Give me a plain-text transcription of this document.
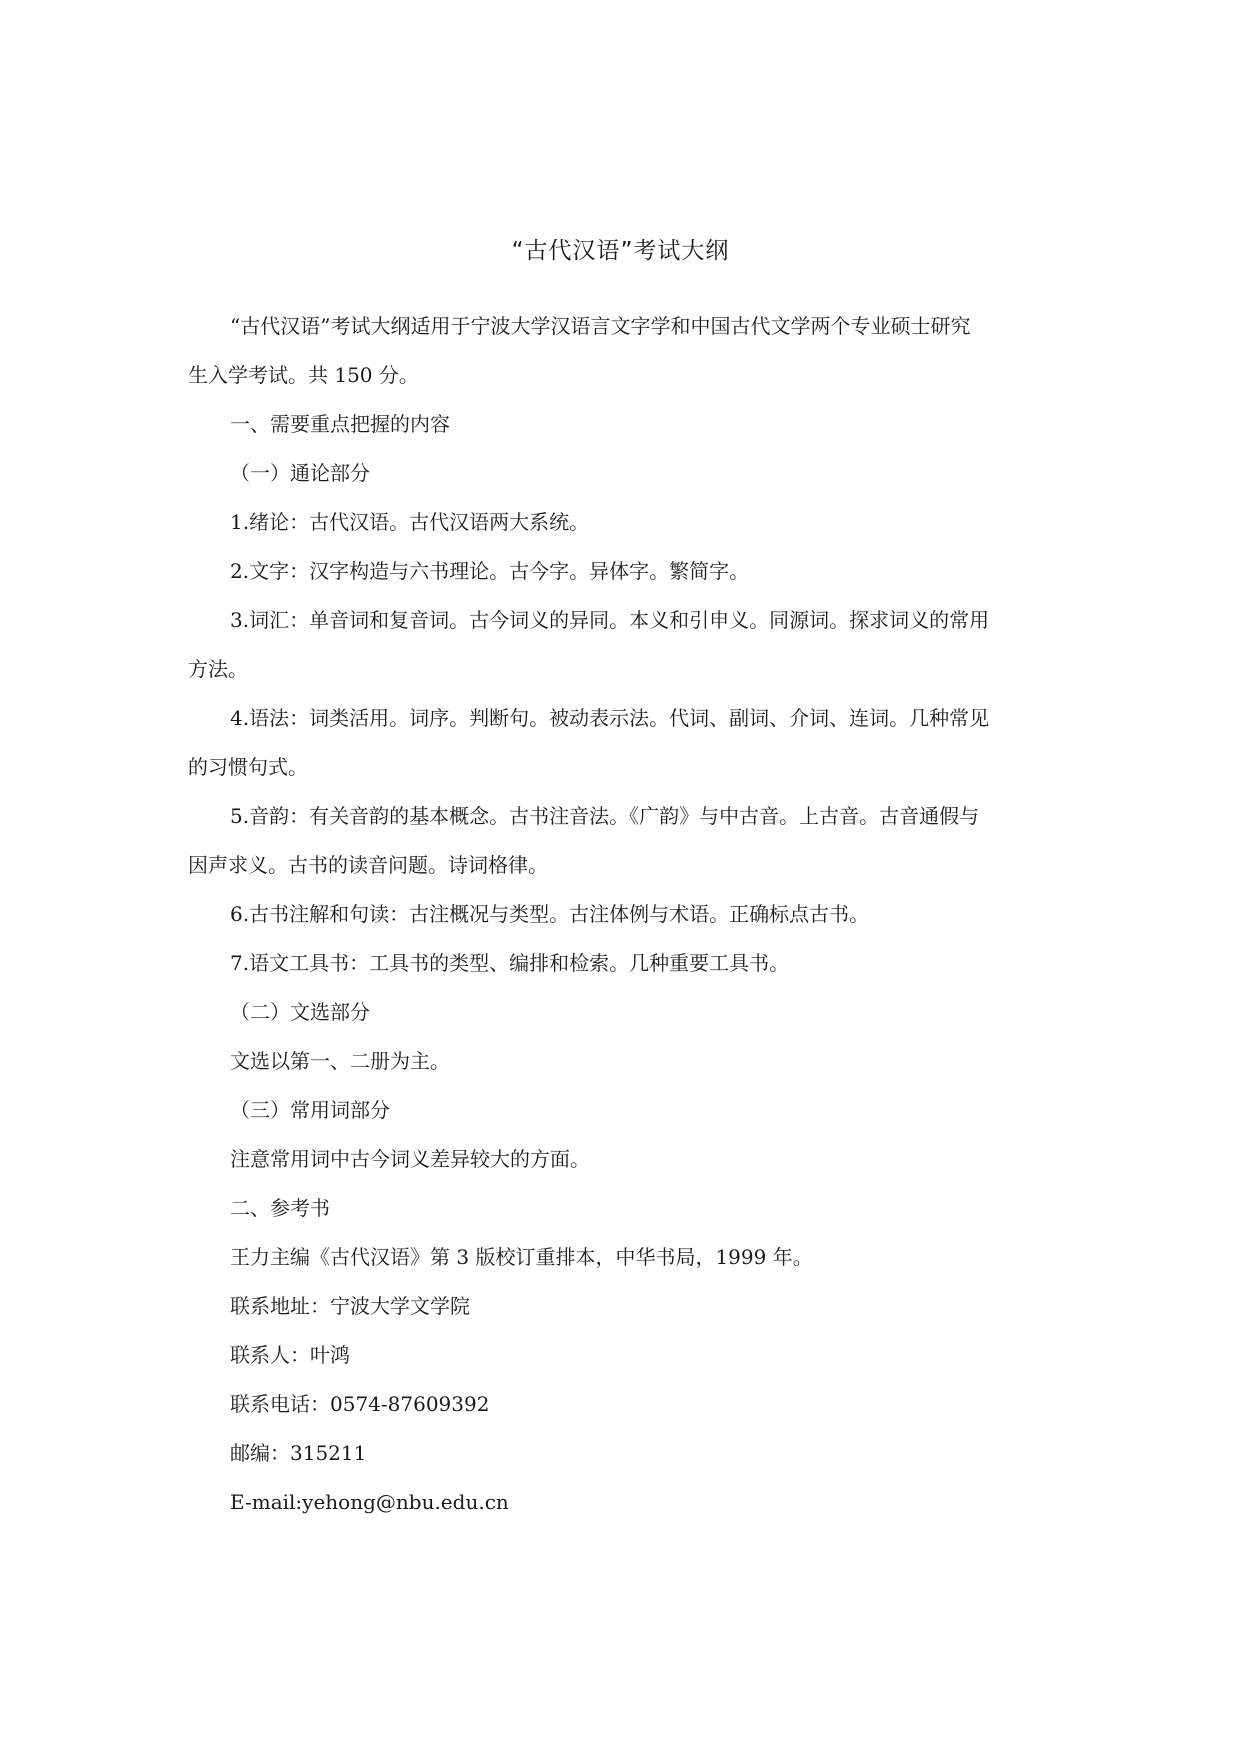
“古代汉语”考试大纲

“古代汉语”考试大纲适用于宁波大学汉语言文字学和中国古代文学两个专业硕士研究

生入学考试。共 150 分。

一、需要重点把握的内容

（一）通论部分

1.绪论：古代汉语。古代汉语两大系统。

2.文字：汉字构造与六书理论。古今字。异体字。繁简字。

3.词汇：单音词和复音词。古今词义的异同。本义和引申义。同源词。探求词义的常用

方法。

4.语法：词类活用。词序。判断句。被动表示法。代词、副词、介词、连词。几种常见

的习惯句式。

5.音韵：有关音韵的基本概念。古书注音法。《广韵》与中古音。上古音。古音通假与

因声求义。古书的读音问题。诗词格律。

6.古书注解和句读：古注概况与类型。古注体例与术语。正确标点古书。

7.语文工具书：工具书的类型、编排和检索。几种重要工具书。

（二）文选部分

文选以第一、二册为主。

（三）常用词部分

注意常用词中古今词义差异较大的方面。

二、参考书

王力主编《古代汉语》第 3 版校订重排本，中华书局，1999 年。

联系地址：宁波大学文学院

联系人：叶鸿

联系电话：0574-87609392

邮编：315211

E-mail:yehong@nbu.edu.cn
